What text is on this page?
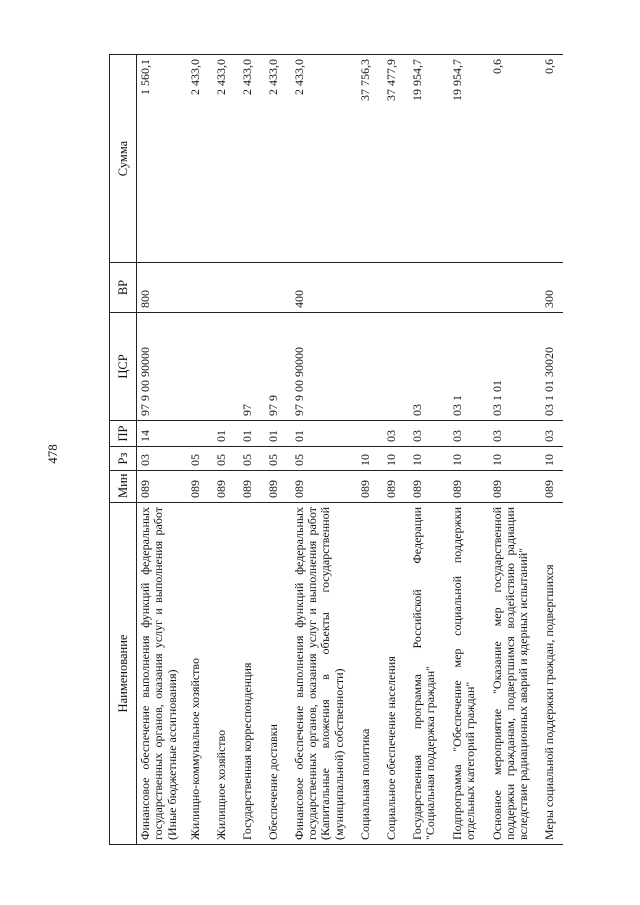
478
Наименование	Мин	Рз	ПР	ЦСР	ВР	Сумма
Финансовое обеспечение выполнения функций федеральных государственных органов, оказания услуг и выполнения работ (Иные бюджетные ассигнования)	089	03	14	97 9 00 90000	800	1 560,1
Жилищно-коммунальное хозяйство	089	05				2 433,0
Жилищное хозяйство	089	05	01			2 433,0
Государственная корреспонденция	089	05	01	97		2 433,0
Обеспечение доставки	089	05	01	97 9		2 433,0
Финансовое обеспечение выполнения функций федеральных государственных органов, оказания услуг и выполнения работ (Капитальные вложения в объекты государственной (муниципальной) собственности)	089	05	01	97 9 00 90000	400	2 433,0
Социальная политика	089	10				37 756,3
Социальное обеспечение населения	089	10	03			37 477,9
Государственная программа Российской Федерации "Социальная поддержка граждан"	089	10	03	03		19 954,7
Подпрограмма "Обеспечение мер социальной поддержки отдельных категорий граждан"	089	10	03	03 1		19 954,7
Основное мероприятие "Оказание мер государственной поддержки гражданам, подвергшимся воздействию радиации вследствие радиационных аварий и ядерных испытаний"	089	10	03	03 1 01		0,6
Меры социальной поддержки граждан, подвергшихся	089	10	03	03 1 01 30020	300	0,6
